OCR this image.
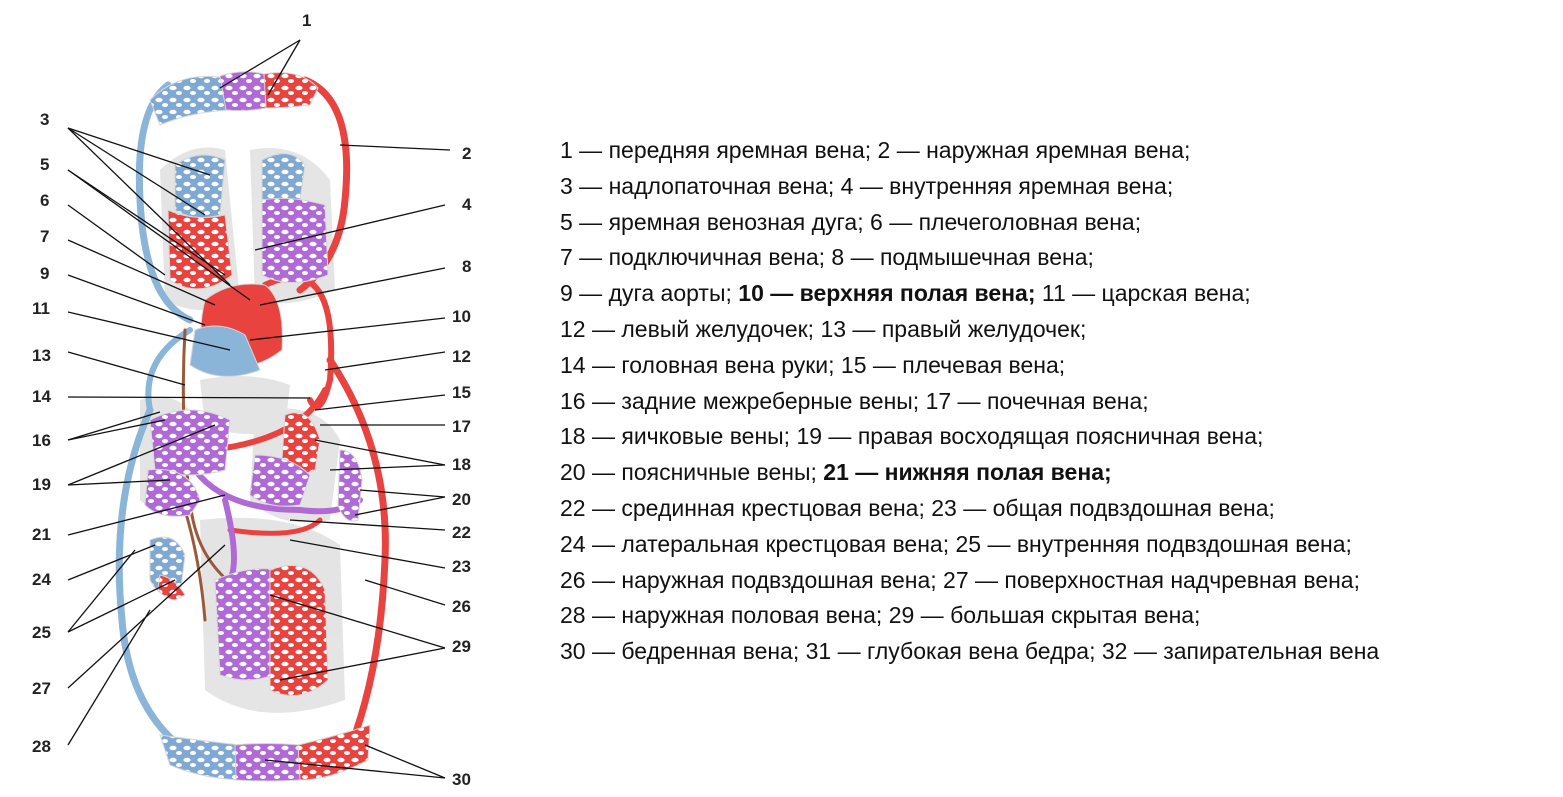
1
2
3
4
5
6
7
8
9
10
11
12
13
14	15
16
17
18
19
20
21	22
23
24
26
25
29
27
28
30
1 — передняя яремная вена; 2 — наружная яремная вена;
3 — надлопаточная вена; 4 — внутренняя яремная вена;
5 — яремная венозная дуга; 6 — плечеголовная вена;
7 — подключичная вена; 8 — подмышечная вена;
9 — дуга аорты; 10 — верхняя полая вена; 11 — царская вена;
12 — левый желудочек; 13 — правый желудочек;
14 — головная вена руки; 15 — плечевая вена;
16 — задние межреберные вены; 17 — почечная вена;
18 — яичковые вены; 19 — правая восходящая поясничная вена;
20 — поясничные вены; 21 — нижняя полая вена;
22 — срединная крестцовая вена; 23 — общая подвздошная вена;
24 — латеральная крестцовая вена; 25 — внутренняя подвздошная вена;
26 — наружная подвздошная вена; 27 — поверхностная надчревная вена;
28 — наружная половая вена; 29 — большая скрытая вена;
30 — бедренная вена; 31 — глубокая вена бедра; 32 — запирательная вена
